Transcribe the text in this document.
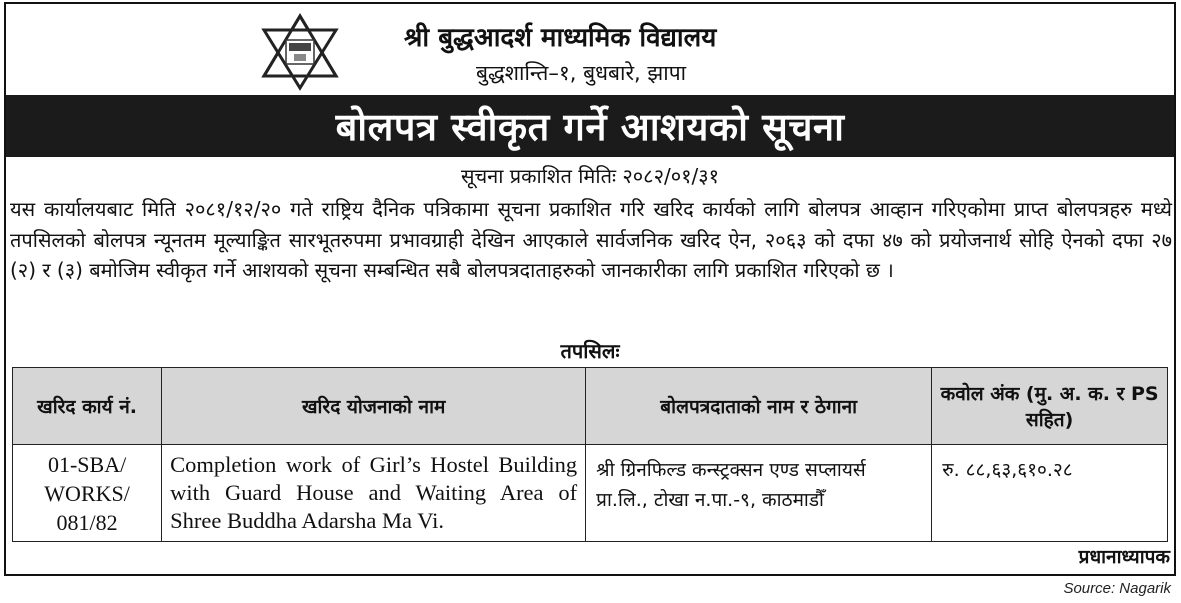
श्री बुद्धआदर्श माध्यमिक विद्यालय
बुद्धशान्ति–१, बुधबारे, झापा
बोलपत्र स्वीकृत गर्ने आशयको सूचना
सूचना प्रकाशित मितिः २०८२/०१/३१
यस कार्यालयबाट मिति २०८१/१२/२० गते राष्ट्रिय दैनिक पत्रिकामा सूचना प्रकाशित गरि खरिद कार्यको लागि बोलपत्र आव्हान गरिएकोमा प्राप्त बोलपत्रहरु मध्ये तपसिलको बोलपत्र न्यूनतम मूल्याङ्कित सारभूतरुपमा प्रभावग्राही देखिन आएकाले सार्वजनिक खरिद ऐन, २०६३ को दफा ४७ को प्रयोजनार्थ सोहि ऐनको दफा २७ (२) र (३) बमोजिम स्वीकृत गर्ने आशयको सूचना सम्बन्धित सबै बोलपत्रदाताहरुको जानकारीका लागि प्रकाशित गरिएको छ ।
तपसिलः
खरिद कार्य नं.	खरिद योजनाको नाम	बोलपत्रदाताको नाम र ठेगाना	कवोल अंक (मु. अ. क. र PS सहित)
01-SBA/ WORKS/ 081/82	Completion work of Girl’s Hostel Building with Guard House and Waiting Area of Shree Buddha Adarsha Ma Vi.	श्री ग्रिनफिल्ड कन्स्ट्रक्सन एण्ड सप्लायर्स प्रा.लि., टोखा न.पा.-९, काठमाडौँ	रु. ८८,६३,६१०.२८
प्रधानाध्यापक
Source: Nagarik
